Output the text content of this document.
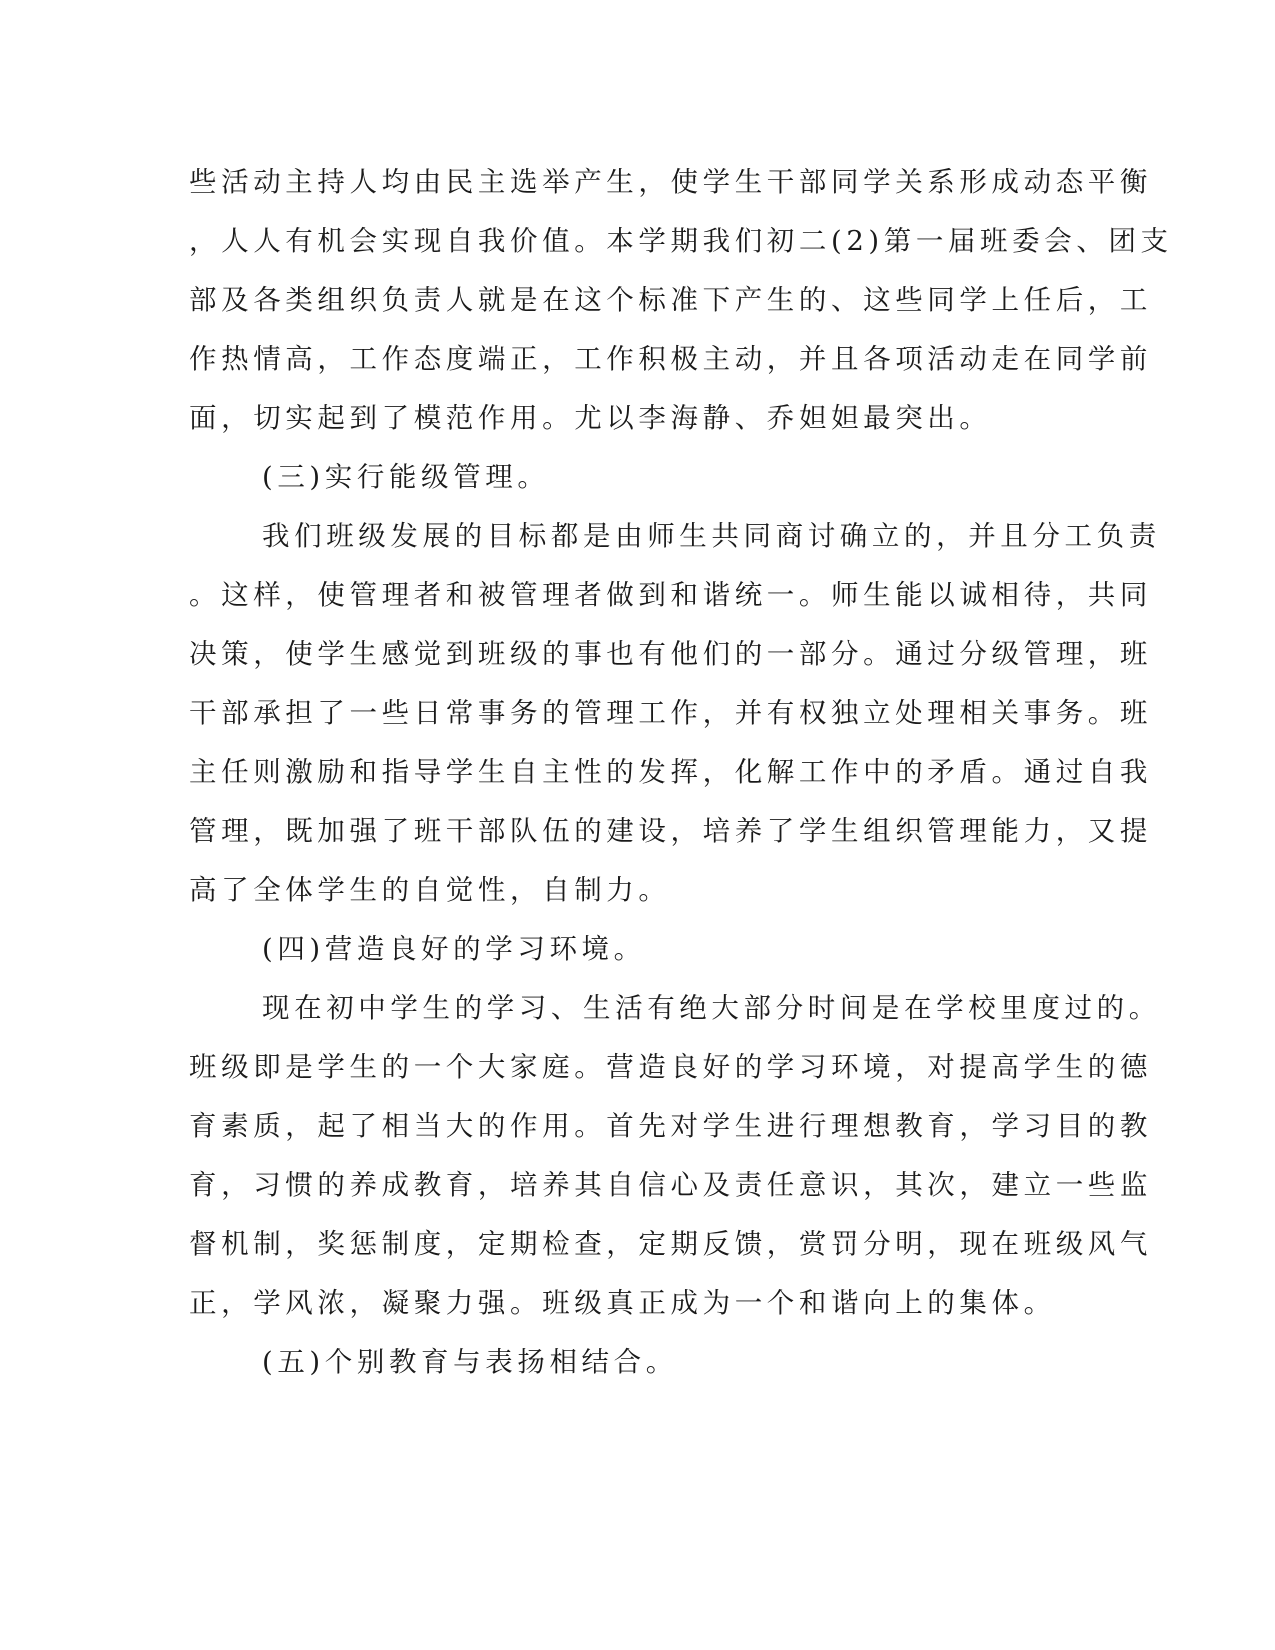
些活动主持人均由民主选举产生，使学生干部同学关系形成动态平衡
，人人有机会实现自我价值。本学期我们初二(2)第一届班委会、团支
部及各类组织负责人就是在这个标准下产生的、这些同学上任后，工
作热情高，工作态度端正，工作积极主动，并且各项活动走在同学前
面，切实起到了模范作用。尤以李海静、乔妲妲最突出。
(三)实行能级管理。
我们班级发展的目标都是由师生共同商讨确立的，并且分工负责
。这样，使管理者和被管理者做到和谐统一。师生能以诚相待，共同
决策，使学生感觉到班级的事也有他们的一部分。通过分级管理，班
干部承担了一些日常事务的管理工作，并有权独立处理相关事务。班
主任则激励和指导学生自主性的发挥，化解工作中的矛盾。通过自我
管理，既加强了班干部队伍的建设，培养了学生组织管理能力，又提
高了全体学生的自觉性，自制力。
(四)营造良好的学习环境。
现在初中学生的学习、生活有绝大部分时间是在学校里度过的。
班级即是学生的一个大家庭。营造良好的学习环境，对提高学生的德
育素质，起了相当大的作用。首先对学生进行理想教育，学习目的教
育，习惯的养成教育，培养其自信心及责任意识，其次，建立一些监
督机制，奖惩制度，定期检查，定期反馈，赏罚分明，现在班级风气
正，学风浓，凝聚力强。班级真正成为一个和谐向上的集体。
(五)个别教育与表扬相结合。
